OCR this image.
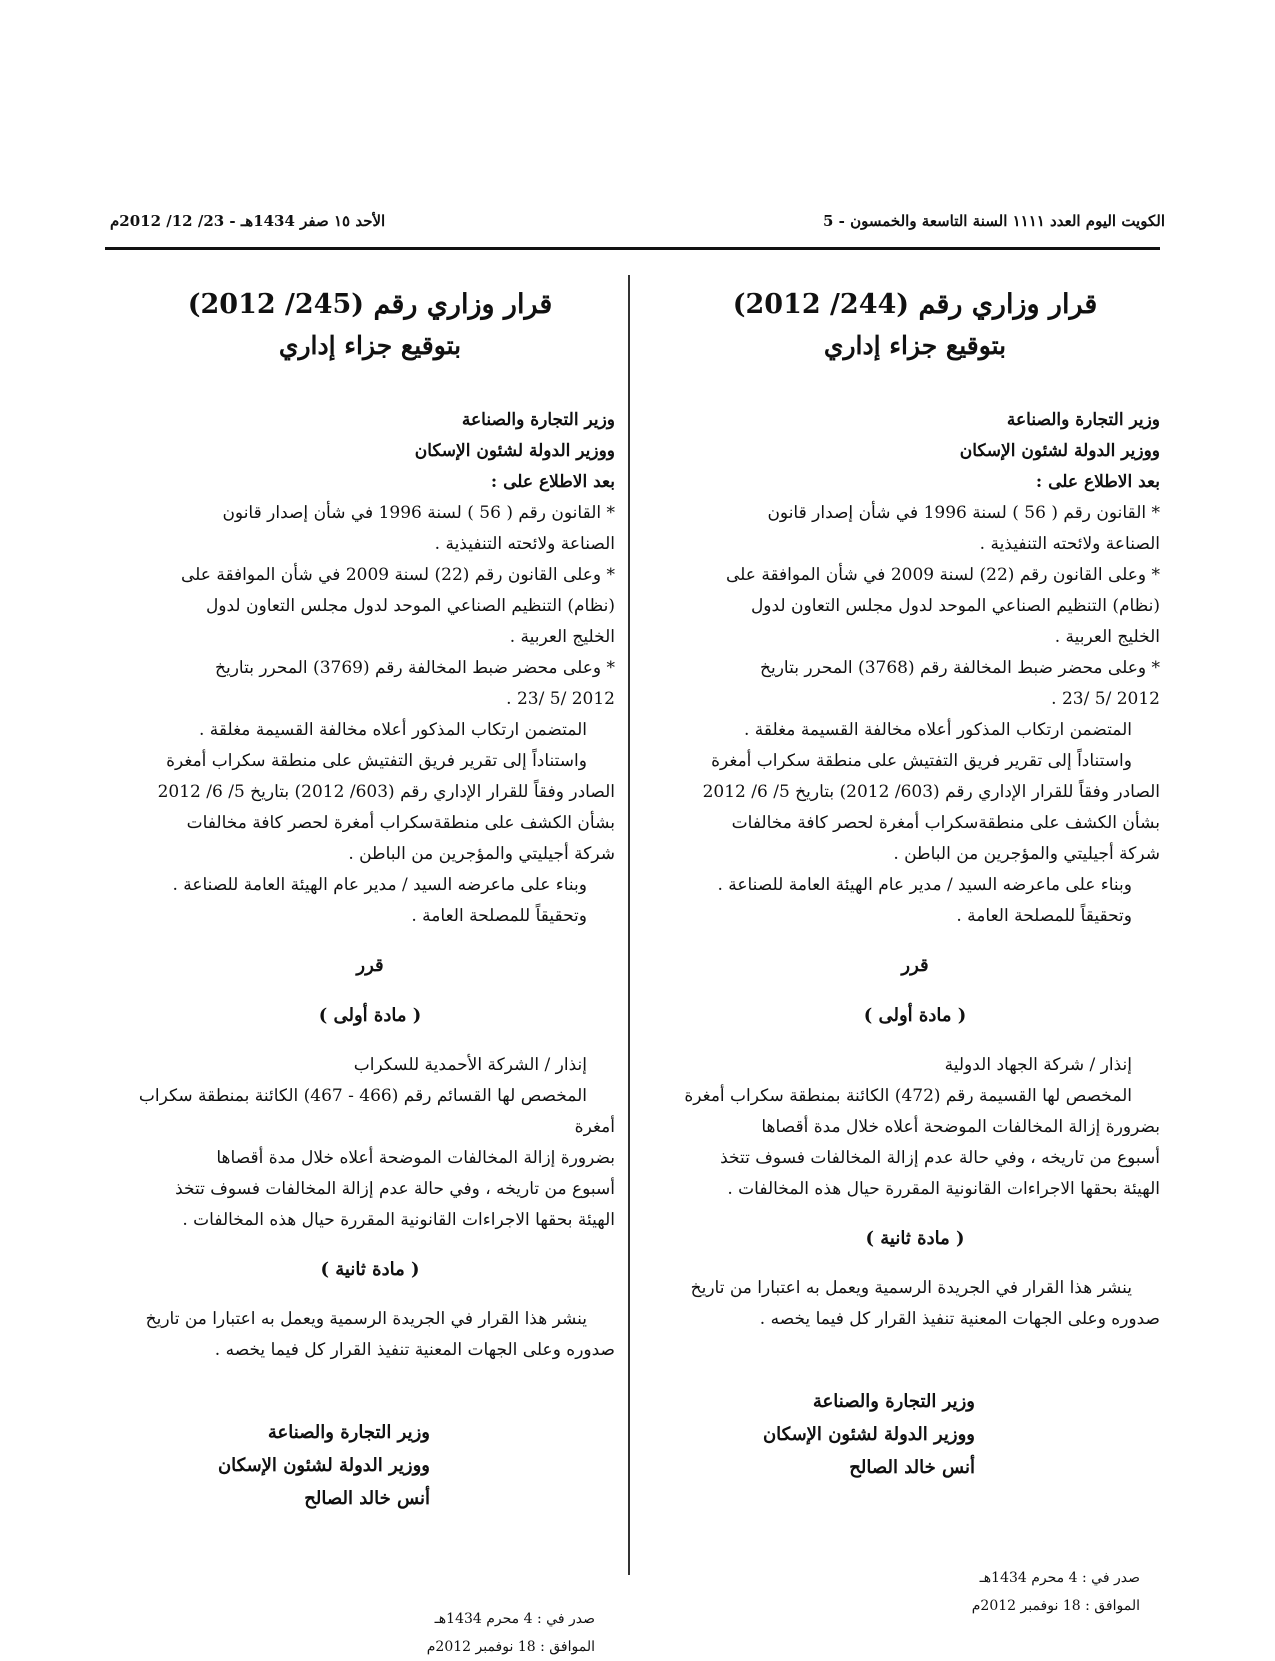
الكويت اليوم العدد ١١١١ السنة التاسعة والخمسون - 5
الأحد ١٥ صفر 1434هـ - 23/ 12/ 2012م

قرار وزاري رقم (244/ 2012)

بتوقيع جزاء إداري

وزير التجارة والصناعة

ووزير الدولة لشئون الإسكان

بعد الاطلاع على :

* القانون رقم ( 56 ) لسنة 1996 في شأن إصدار قانون

الصناعة ولائحته التنفيذية .

* وعلى القانون رقم (22) لسنة 2009 في شأن الموافقة على

(نظام) التنظيم الصناعي الموحد لدول مجلس التعاون لدول

الخليج العربية .

* وعلى محضر ضبط المخالفة رقم (3768) المحرر بتاريخ

2012 /5 /23 .

المتضمن ارتكاب المذكور أعلاه مخالفة القسيمة مغلقة .

واستناداً إلى تقرير فريق التفتيش على منطقة سكراب أمغرة

الصادر وفقاً للقرار الإداري رقم (603/ 2012) بتاريخ 5/ 6/ 2012

بشأن الكشف على منطقةسكراب أمغرة لحصر كافة مخالفات

شركة أجيليتي والمؤجرين من الباطن .

وبناء على ماعرضه السيد / مدير عام الهيئة العامة للصناعة .

وتحقيقاً للمصلحة العامة .

قرر

( مادة أولى )

إنذار / شركة الجهاد الدولية

المخصص لها القسيمة رقم (472) الكائنة بمنطقة سكراب أمغرة

بضرورة إزالة المخالفات الموضحة أعلاه خلال مدة أقصاها

أسبوع من تاريخه ، وفي حالة عدم إزالة المخالفات فسوف تتخذ

الهيئة بحقها الاجراءات القانونية المقررة حيال هذه المخالفات .

( مادة ثانية )

ينشر هذا القرار في الجريدة الرسمية ويعمل به اعتبارا من تاريخ

صدوره وعلى الجهات المعنية تنفيذ القرار كل فيما يخصه .

وزير التجارة والصناعة
ووزير الدولة لشئون الإسكان
أنس خالد الصالح
صدر في : 4 محرم 1434هـ
الموافق : 18 نوفمبر 2012م

قرار وزاري رقم (245/ 2012)

بتوقيع جزاء إداري

وزير التجارة والصناعة

ووزير الدولة لشئون الإسكان

بعد الاطلاع على :

* القانون رقم ( 56 ) لسنة 1996 في شأن إصدار قانون

الصناعة ولائحته التنفيذية .

* وعلى القانون رقم (22) لسنة 2009 في شأن الموافقة على

(نظام) التنظيم الصناعي الموحد لدول مجلس التعاون لدول

الخليج العربية .

* وعلى محضر ضبط المخالفة رقم (3769) المحرر بتاريخ

2012 /5 /23 .

المتضمن ارتكاب المذكور أعلاه مخالفة القسيمة مغلقة .

واستناداً إلى تقرير فريق التفتيش على منطقة سكراب أمغرة

الصادر وفقاً للقرار الإداري رقم (603/ 2012) بتاريخ 5/ 6/ 2012

بشأن الكشف على منطقةسكراب أمغرة لحصر كافة مخالفات

شركة أجيليتي والمؤجرين من الباطن .

وبناء على ماعرضه السيد / مدير عام الهيئة العامة للصناعة .

وتحقيقاً للمصلحة العامة .

قرر

( مادة أولى )

إنذار / الشركة الأحمدية للسكراب

المخصص لها القسائم رقم (466 - 467) الكائنة بمنطقة سكراب

أمغرة

بضرورة إزالة المخالفات الموضحة أعلاه خلال مدة أقصاها

أسبوع من تاريخه ، وفي حالة عدم إزالة المخالفات فسوف تتخذ

الهيئة بحقها الاجراءات القانونية المقررة حيال هذه المخالفات .

( مادة ثانية )

ينشر هذا القرار في الجريدة الرسمية ويعمل به اعتبارا من تاريخ

صدوره وعلى الجهات المعنية تنفيذ القرار كل فيما يخصه .

وزير التجارة والصناعة
ووزير الدولة لشئون الإسكان
أنس خالد الصالح
صدر في : 4 محرم 1434هـ
الموافق : 18 نوفمبر 2012م
